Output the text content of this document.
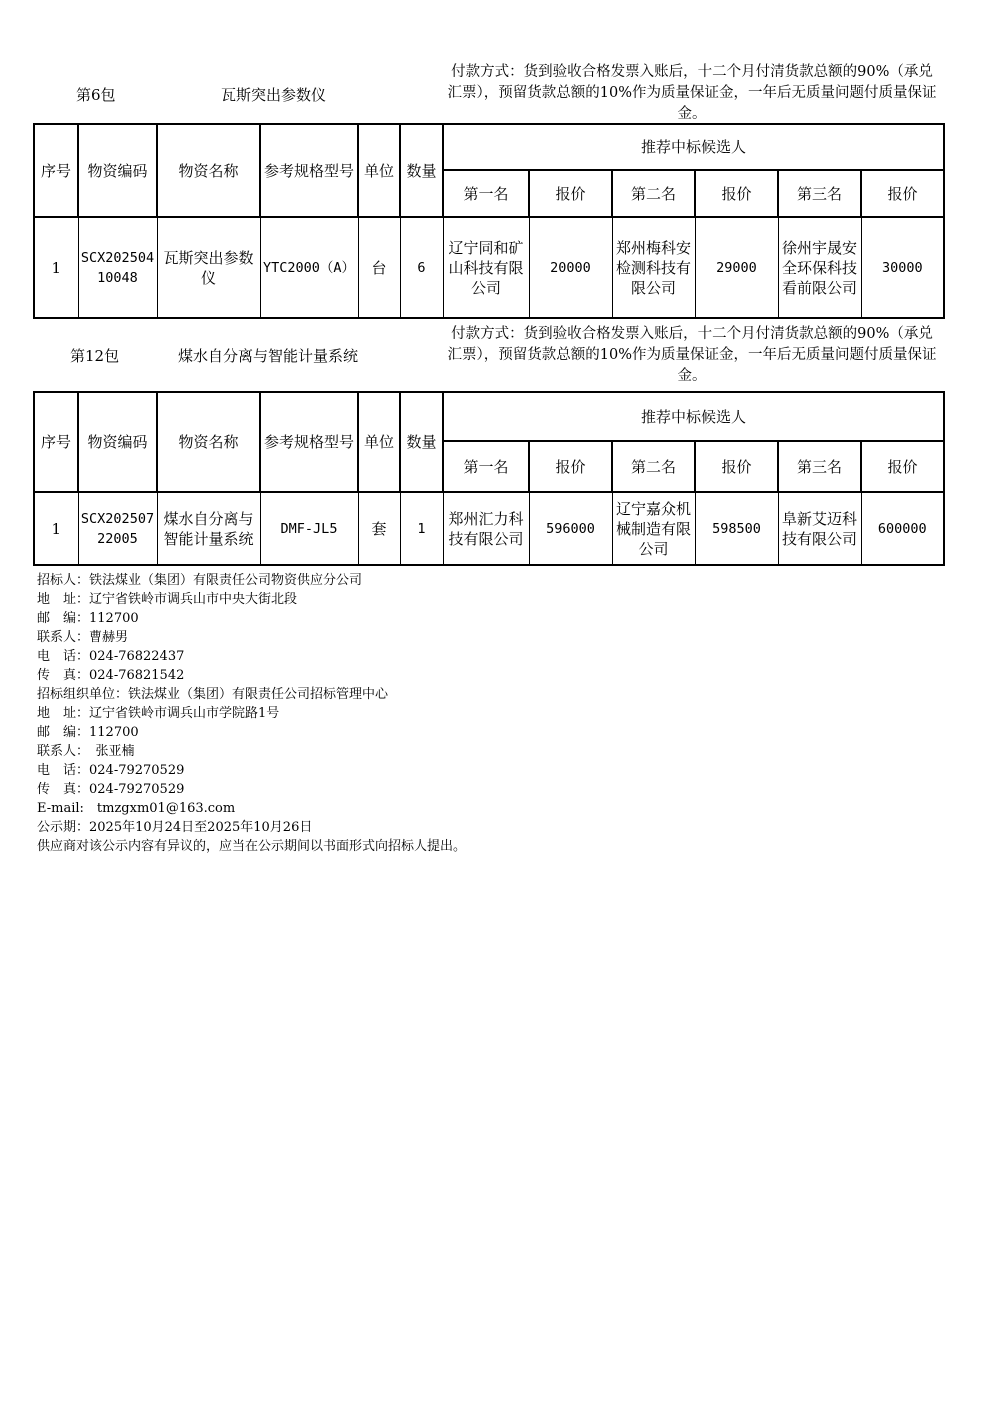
第6包	瓦斯突出参数仪
付款方式：货到验收合格发票入账后，十二个月付清货款总额的90%（承兑汇票），预留货款总额的10%作为质量保证金，一年后无质量问题付质量保证金。
序号	物资编码	物资名称	参考规格型号	单位	数量	推荐中标候选人					
						第一名	报价	第二名	报价	第三名	报价
1	SCX20250410048	瓦斯突出参数仪	YTC2000（A）	台	6	辽宁同和矿山科技有限公司	20000	郑州梅科安检测科技有限公司	29000	徐州宇晟安全环保科技看前限公司	30000
第12包	煤水自分离与智能计量系统
付款方式：货到验收合格发票入账后，十二个月付清货款总额的90%（承兑汇票），预留货款总额的10%作为质量保证金，一年后无质量问题付质量保证金。
序号	物资编码	物资名称	参考规格型号	单位	数量	推荐中标候选人					
						第一名	报价	第二名	报价	第三名	报价
1	SCX20250722005	煤水自分离与智能计量系统	DMF-JL5	套	1	郑州汇力科技有限公司	596000	辽宁嘉众机械制造有限公司	598500	阜新艾迈科技有限公司	600000
招标人：铁法煤业（集团）有限责任公司物资供应分公司
地　址：辽宁省铁岭市调兵山市中央大街北段
邮　编：112700
联系人：曹赫男
电　话：024-76822437
传　真：024-76821542
招标组织单位：铁法煤业（集团）有限责任公司招标管理中心
地　址：辽宁省铁岭市调兵山市学院路1号
邮　编：112700
联系人：　张亚楠
电　话：024-79270529
传　真：024-79270529
E-mail:　tmzgxm01@163.com
公示期：2025年10月24日至2025年10月26日
供应商对该公示内容有异议的，应当在公示期间以书面形式向招标人提出。
